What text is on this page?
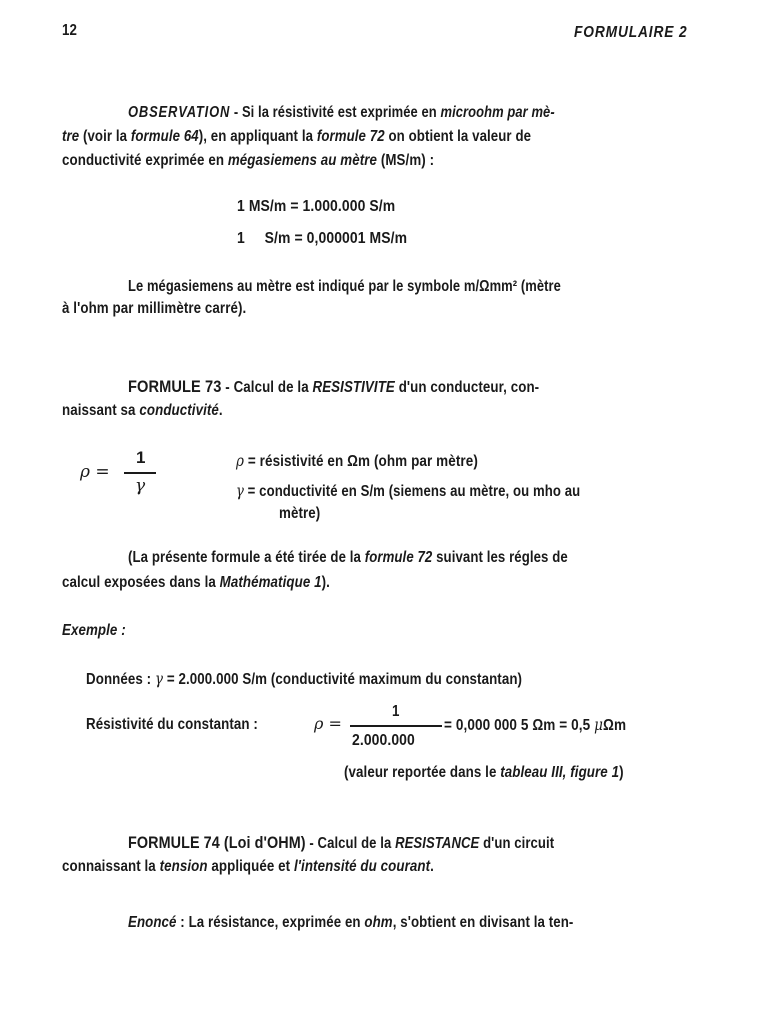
12	FORMULAIRE 2
OBSERVATION - Si la résistivité est exprimée en microohm par mè-
tre (voir la formule 64), en appliquant la formule 72 on obtient la valeur de
conductivité exprimée en mégasiemens au mètre (MS/m) :
1 MS/m = 1.000.000 S/m
1 S/m = 0,000001 MS/m
Le mégasiemens au mètre est indiqué par le symbole m/Ωmm² (mètre
à l'ohm par millimètre carré).
FORMULE 73 - Calcul de la RESISTIVITE d'un conducteur, con-
naissant sa conductivité.
ρ =
1
γ
ρ = résistivité en Ωm (ohm par mètre)
γ = conductivité en S/m (siemens au mètre, ou mho au
mètre)
(La présente formule a été tirée de la formule 72 suivant les régles de
calcul exposées dans la Mathématique 1).
Exemple :
Données : γ = 2.000.000 S/m (conductivité maximum du constantan)
Résistivité du constantan :	ρ =
1
2.000.000
= 0,000 000 5 Ωm = 0,5 μΩm
(valeur reportée dans le tableau III, figure 1)
FORMULE 74 (Loi d'OHM) - Calcul de la RESISTANCE d'un circuit
connaissant la tension appliquée et l'intensité du courant.
Enoncé : La résistance, exprimée en ohm, s'obtient en divisant la ten-
